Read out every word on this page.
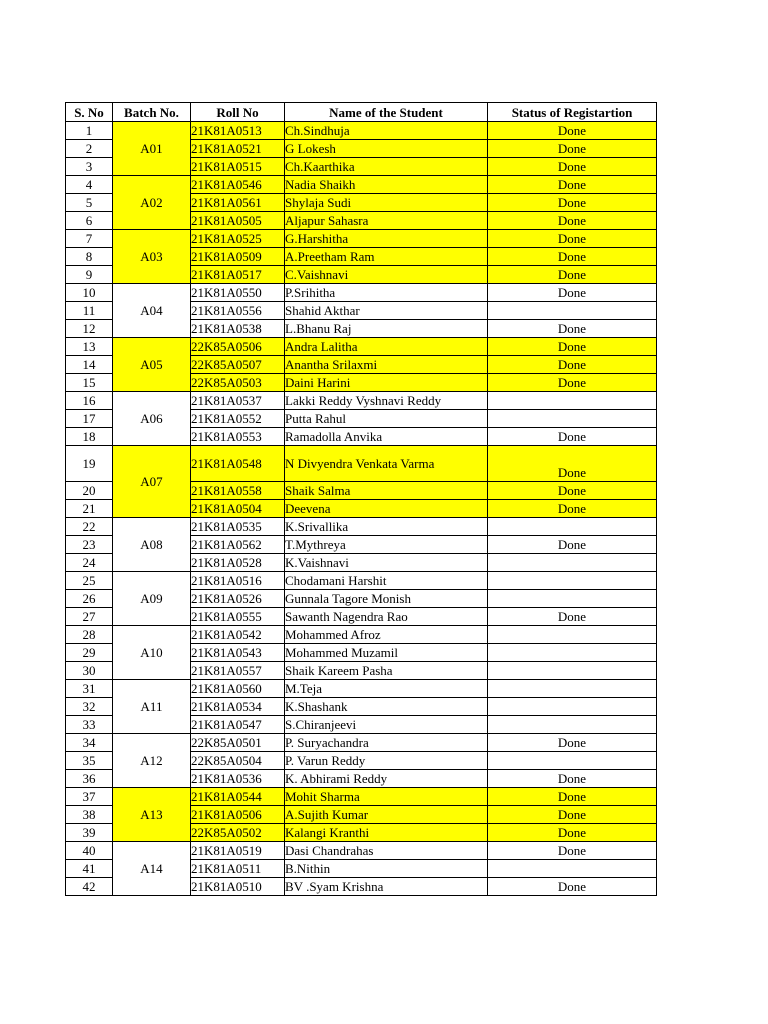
S. No	Batch No.	Roll No	Name of the Student	Status of Registartion
1	A01	21K81A0513	Ch.Sindhuja	Done
2		21K81A0521	G Lokesh	Done
3		21K81A0515	Ch.Kaarthika	Done
4	A02	21K81A0546	Nadia Shaikh	Done
5		21K81A0561	Shylaja Sudi	Done
6		21K81A0505	Aljapur Sahasra	Done
7	A03	21K81A0525	G.Harshitha	Done
8		21K81A0509	A.Preetham Ram	Done
9		21K81A0517	C.Vaishnavi	Done
10	A04	21K81A0550	P.Srihitha	Done
11		21K81A0556	Shahid Akthar	
12		21K81A0538	L.Bhanu Raj	Done
13	A05	22K85A0506	Andra Lalitha	Done
14		22K85A0507	Anantha Srilaxmi	Done
15		22K85A0503	Daini Harini	Done
16	A06	21K81A0537	Lakki Reddy Vyshnavi Reddy	
17		21K81A0552	Putta Rahul	
18		21K81A0553	Ramadolla Anvika	Done
19	A07	21K81A0548	N Divyendra Venkata Varma	Done
20		21K81A0558	Shaik Salma	Done
21		21K81A0504	Deevena	Done
22	A08	21K81A0535	K.Srivallika	
23		21K81A0562	T.Mythreya	Done
24		21K81A0528	K.Vaishnavi	
25	A09	21K81A0516	Chodamani Harshit	
26		21K81A0526	Gunnala Tagore Monish	
27		21K81A0555	Sawanth Nagendra Rao	Done
28	A10	21K81A0542	Mohammed Afroz	
29		21K81A0543	Mohammed Muzamil	
30		21K81A0557	Shaik Kareem Pasha	
31	A11	21K81A0560	M.Teja	
32		21K81A0534	K.Shashank	
33		21K81A0547	S.Chiranjeevi	
34	A12	22K85A0501	P. Suryachandra	Done
35		22K85A0504	P. Varun Reddy	
36		21K81A0536	K. Abhirami Reddy	Done
37	A13	21K81A0544	Mohit Sharma	Done
38		21K81A0506	A.Sujith Kumar	Done
39		22K85A0502	Kalangi Kranthi	Done
40	A14	21K81A0519	Dasi Chandrahas	Done
41		21K81A0511	B.Nithin	
42		21K81A0510	BV .Syam Krishna	Done
